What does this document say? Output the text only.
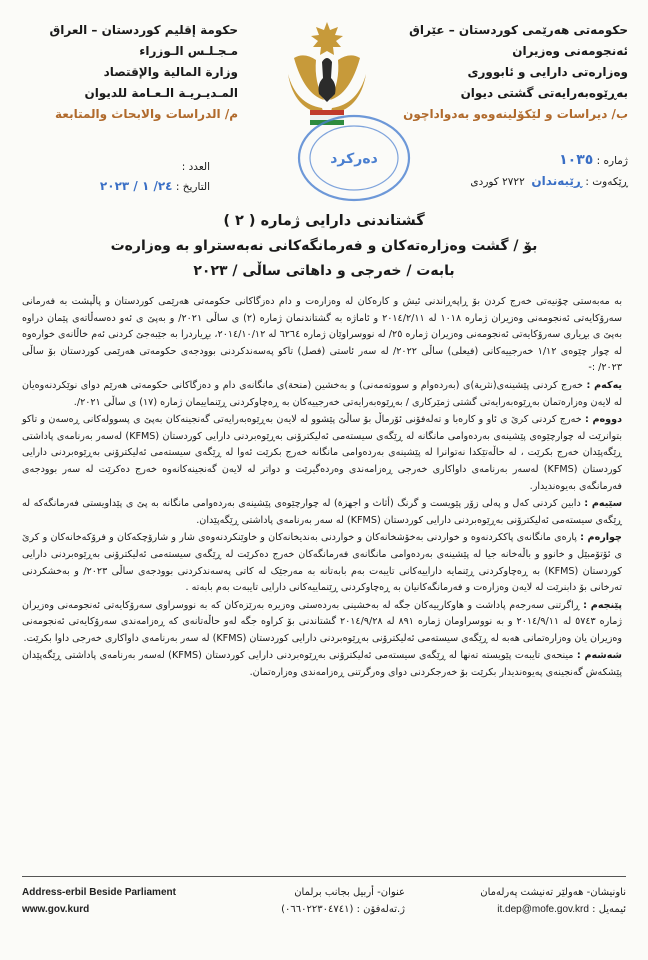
حکومەتی هەرێمی کوردستان – عێراق
ئەنجومەنی وەزیران
وەزارەتی دارایی و ئابووری
بەڕێوەبەرایەتی گشتی دیوان
ب/ دیراسات و لێکۆلینەوەو بەدواداچون
حكومة إقليم كوردستان – العراق
مـجـلـس الـوزراء
وزارة المالية والإقتصاد
المـديـريـة الـعـامة للديوان
م/ الدراسات والابحاث والمتابعة
دەرکرد	ژمارە : ١٠٣٥
ڕێکەوت : ڕێبەندان  ٢٧٢٢ کوردی
العدد :
التاريخ : ٢٤/ ١ / ٢٠٢٣
گشتاندنی دارایی ژمارە ( ٢ )
بۆ / گشت وەزارەتەکان و فەرمانگەکانی نەبەستراو بە وەزارەت
بابەت / خەرجی و داهاتی ساڵی / ٢٠٢٣

بە مەبەستی چۆنیەتی خەرج کردن بۆ ڕاپەڕاندنی ئیش و کارەکان لە وەزارەت و دام دەزگاکانی حکومەتی هەرێمی کوردستان و پاڵپشت بە فەرمانی سەرۆکایەتی ئەنجومەنی وەزیران ژمارە ١٠١٨ لە ٢٠١٤/٢/١١ و ئاماژە بە گشتاندنمان ژمارە (٢) ی ساڵی ٢٠٢١/ و بەپێ ی ئەو دەسەڵاتەی پێمان دراوە بەپێ ی بڕیاری سەرۆکایەتی ئەنجومەنی وەزیران ژمارە ٢٥/ لە نووسراوێان ژمارە ٦٢٦٤ لە ٢٠١٤/١٠/١٢، بڕیاردرا بە جێبەجێ کردنی ئەم خاڵانەی خوارەوە لە چوار چێوەی ١/١٢ خەرجییەکانی (فیعلی) ساڵی ٢٠٢٢/ لە سەر ئاستی (فصل) تاکو پەسەندکردنی بوودجەی حکومەتی هەرێمی کوردستان بۆ ساڵی ٢٠٢٣/ :-

یەکەم : خەرج کردنی پێشینەی(نثرية)ی (بەردەوام و سووتەمەنی) و بەخشین (منحة)ی مانگانەی دام و دەزگاکانی حکومەتی هەرێم دوای نوێکردنەوەیان لە لایەن وەزارەتمان بەڕێوەبەرایەتی گشتی ژمێرکاری / بەڕێوەبەرایەتی خەرجییەکان بە ڕەچاوکردنی ڕێنماییمان ژمارە (١٧) ی ساڵی ٢٠٢١/.

دووەم : خەرج کردنی کرێ ی ئاو و کارەبا و تەلەفۆنی ئۆرماڵ بۆ ساڵێ پێشوو لە لایەن بەڕێوەبەرایەتی گەنجینەکان بەپێ ی پسوولەکانی ڕەسەن و تاکو بتوانرێت لە چوارچێوەی پێشینەی بەردەوامی مانگانە لە ڕێگەی سیستەمی ئەلیکترۆنی بەڕێوەبردنی دارایی کوردستان (KFMS) لەسەر بەرنامەی پاداشتی ڕێگەپێدان خەرج بکرێت ، لە حاڵەتێکدا نەتوانرا لە پێشینەی بەردەوامی مانگانە خەرج بکرێت ئەوا لە ڕێگەی سیستەمی ئەلیکترۆنی بەڕێوەبردنی دارایی کوردستان (KFMS) لەسەر بەرنامەی داواکاری خەرجی ڕەزامەندی وەردەگیرێت و دواتر لە لایەن گەنجینەکانەوە خەرج دەکرێت لە سەر بوودجەی فەرمانگەی بەیوەندیدار.

سێیەم : دابین کردنی کەل و پەلی زۆر پێویست و گرنگ (أثاث و اجهزة) لە چوارچێوەی پێشینەی بەردەوامی مانگانە بە پێ ی پێداویستی فەرمانگەکە لە ڕێگەی سیستەمی ئەلیکترۆنی بەڕێوەبردنی دارایی کوردستان (KFMS) لە سەر بەرنامەی پاداشتی ڕێگەپێدان.

چوارەم : پارەی مانگانەی پاککردنەوە و خواردنی بەخۆشخانەکان و خواردنی بەندیخانەکان و خاوێنکردنەوەی شار و شارۆچکەکان و فرۆکەخانەکان و کرێ ی ئۆتۆمبێل و خانوو و باڵەخانە جیا لە پێشینەی بەردەوامی مانگانەی فەرمانگەکان خەرج دەکرێت لە ڕێگەی سیستەمی ئەلیکترۆنی بەڕێوەبردنی دارایی کوردستان (KFMS) بە ڕەچاوکردنی ڕێنمایە داراییەکانی تایبەت بەم بابەتانە بە مەرجێک لە کاتی پەسەندکردنی بوودجەی ساڵی ٢٠٢٣/ و بەخشکردنی تەرخانی بۆ دابنرێت لە لایەن وەزارەت و فەرمانگەکانیان بە ڕەچاوکردنی ڕێنماییەکانی دارایی تایبەت بەم بابەتە .

پێنجەم : ڕاگرتنی سەرجەم پاداشت و هاوکارییەکان جگە لە بەخشینی بەردەستی وەزیرە بەرێزەکان کە بە نووسراوی سەرۆکایەتی ئەنجومەنی وەزیران ژمارە ٥٧٤٣ لە ٢٠١٤/٩/١١ و بە نووسراومان ژمارە ٨٩١ لە ٢٠١٤/٩/٢٨ گشتاندنی بۆ کراوە جگە لەو حاڵەتانەی کە ڕەزامەندی سەرۆکایەتی ئەنجومەنی وەزیران یان وەزارەتمانی هەبە لە ڕێگەی سیستەمی ئەلیکترۆنی بەڕێوەبردنی دارایی کوردستان (KFMS) لە سەر بەرنامەی داواکاری خەرجی داوا بکرێت.

شەشەم : مینحەی تایبەت پێویستە تەنها لە ڕێگەی سیستەمی ئەلیکترۆنی بەڕێوەبردنی دارایی کوردستان (KFMS) لەسەر بەرنامەی پاداشتی ڕێگەپێدان پێشکەش گەنجینەی پەیوەندیدار بکرێت بۆ خەرجکردنی دوای وەرگرتنی ڕەزامەندی وەزارەتمان.

Address-erbil Beside Parliament
www.gov.kurd
عنوان- أربيل بجانب برلمان
ژ.تەلەفۆن : (٠٦٦٠٢٢٣٠٤٧٤١)
ناونیشان- هەولێر تەنیشت پەرلەمان
ئیمەیل : it.dep@mofe.gov.krd
